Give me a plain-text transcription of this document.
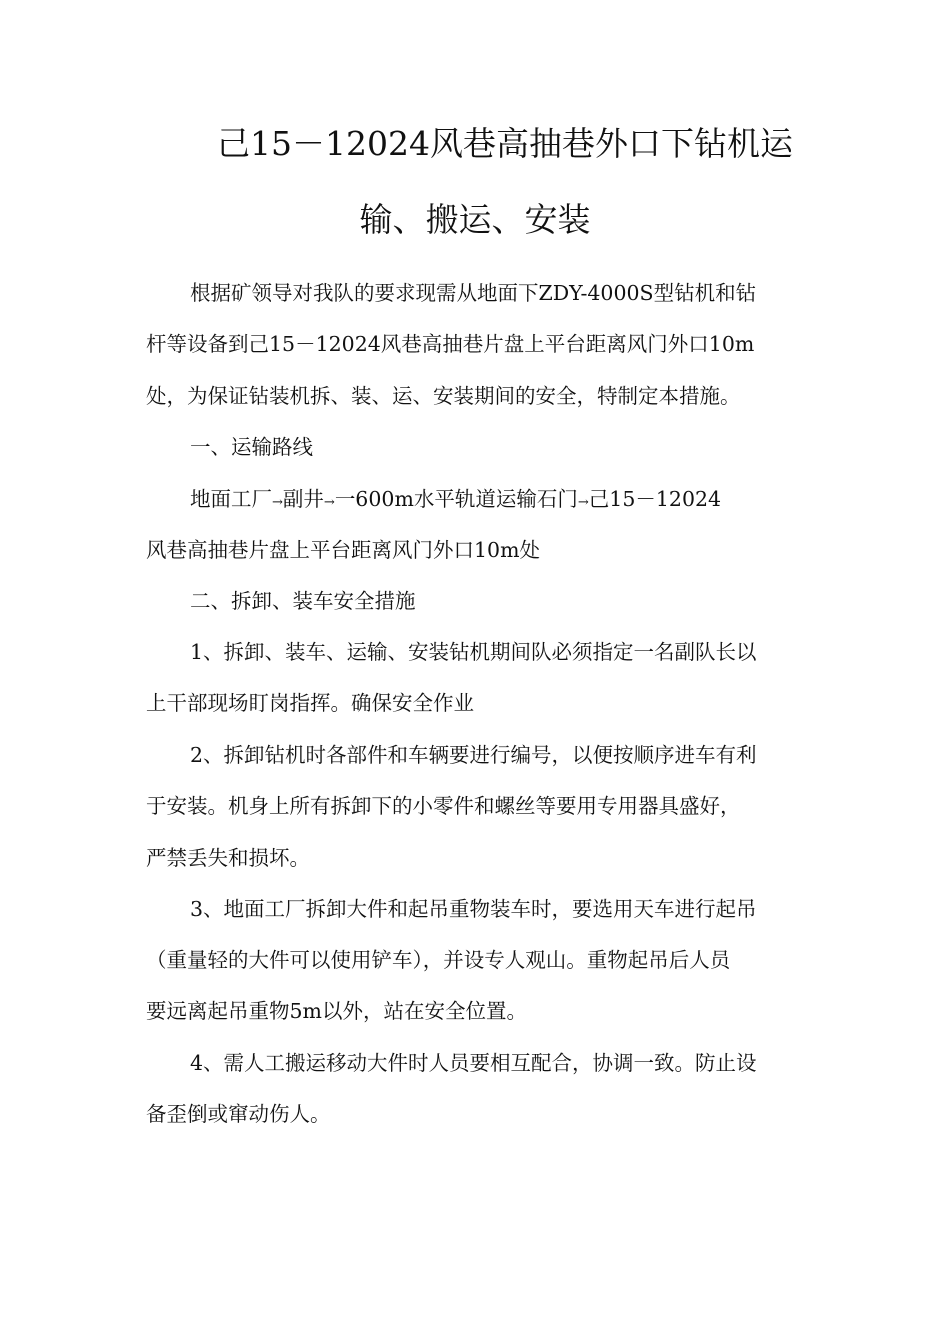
己15－12024风巷高抽巷外口下钻机运
输、搬运、安装
根据矿领导对我队的要求现需从地面下ZDY-4000S型钻机和钻
杆等设备到己15－12024风巷高抽巷片盘上平台距离风门外口10m
处，为保证钻装机拆、装、运、安装期间的安全，特制定本措施。
一、运输路线
地面工厂→副井→一600m水平轨道运输石门→己15－12024
风巷高抽巷片盘上平台距离风门外口10m处
二、拆卸、装车安全措施
1、拆卸、装车、运输、安装钻机期间队必须指定一名副队长以
上干部现场盯岗指挥。确保安全作业
2、拆卸钻机时各部件和车辆要进行编号，以便按顺序进车有利
于安装。机身上所有拆卸下的小零件和螺丝等要用专用器具盛好，
严禁丢失和损坏。
3、地面工厂拆卸大件和起吊重物装车时，要选用天车进行起吊
（重量轻的大件可以使用铲车），并设专人观山。重物起吊后人员
要远离起吊重物5m以外，站在安全位置。
4、需人工搬运移动大件时人员要相互配合，协调一致。防止设
备歪倒或窜动伤人。
